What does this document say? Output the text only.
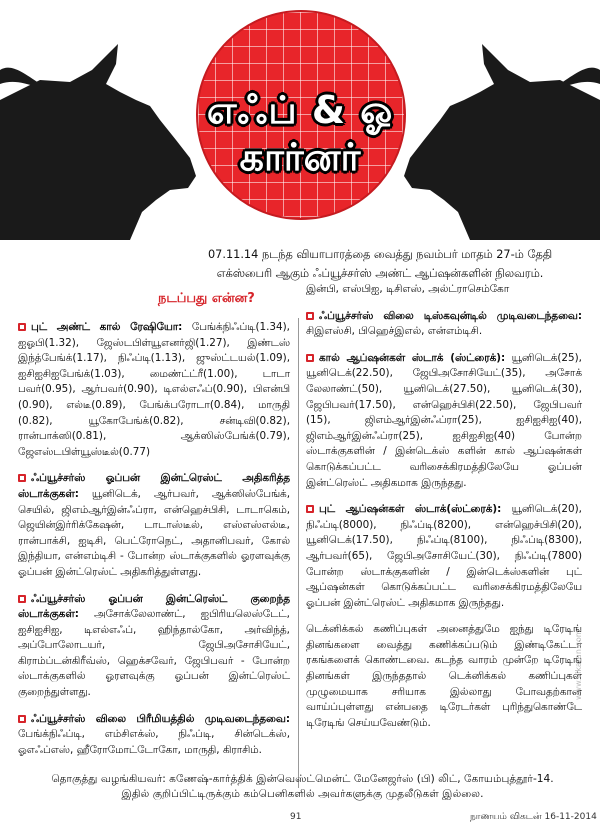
எஃப் & ஓ
கார்னர்
07.11.14 நடந்த வியாபாரத்தை வைத்து நவம்பர் மாதம் 27-ம் தேதி எக்ஸ்பைரி ஆகும் ஃப்யூச்சர்ஸ் அண்ட் ஆப்ஷன்களின் நிலவரம்.
நடப்பது என்ன?
புட் அண்ட் கால் ரேஷியோ: பேங்க்நிஃப்டி(1.34), ஐஓபி(1.32), ஜேஸ்டபிள்யூஎனர்ஜி(1.27), இண்டஸ் இந்த்பேங்க்(1.17), நிஃப்டி(1.13), ஜுஸ்ட்டயல்(1.09), ஐசிஐசிஐபேங்க்(1.03), மைண்ட்ட்ரீ(1.00), டாடா பவர்(0.95), ஆர்பவர்(0.90), டிஎல்எஃப்(0.90), பிஎன்பி (0.90), எல்டீ(0.89), பேங்க்பரோடா(0.84), மாருதி (0.82), யூகோபேங்க்(0.82), சன்டிவி(0.82), ரான்பாக்ஸி(0.81), ஆக்ஸிஸ்பேங்க்(0.79), ஜேஎஸ்டபிள்யூஸ்டீல்(0.77)
ஃப்யூச்சர்ஸ் ஓப்பன் இன்ட்ரெஸ்ட் அதிகரித்த ஸ்டாக்குகள்: யூனிடெக், ஆர்பவர், ஆக்ஸிஸ்பேங்க், செயில், ஜிஎம்ஆர்இன்ஃப்ரா, என்ஹெச்பிசி, டாடாகெம், ஜெயின்இர்ரிக்கேஷன், டாடாஸ்டீல், எஸ்எஸ்எல்டீ, ரான்பாக்சி, ஐடிசி, பெட்ரோநெட், அதானிபவர், கோல் இந்தியா, என்எம்டிசி - போன்ற ஸ்டாக்குகளில் ஓரளவுக்கு ஓப்பன் இன்ட்ரெஸ்ட் அதிகரித்துள்ளது.
ஃப்யூச்சர்ஸ் ஓப்பன் இன்ட்ரெஸ்ட் குறைந்த ஸ்டாக்குகள்: அசோக்லேலாண்ட், ஐபிரியலெஸ்டேட், ஐசிஐசிஐ, டிஎல்எஃப், ஹிந்தால்கோ, அர்விந்த், அப்போலோடயர், ஜேபிஅசோசியேட், கிராம்ப்டன்கிரீவ்ஸ், ஹெக்சவேர், ஜேபிபவர் - போன்ற ஸ்டாக்குகளில் ஓரளவுக்கு ஓப்பன் இன்ட்ரெஸ்ட் குறைந்துள்ளது.
ஃப்யூச்சர்ஸ் விலை பிரீமியத்தில் முடிவடைந்தவை: பேங்க்நிஃப்டி, எம்சிஎக்ஸ், நிஃப்டி, சின்டெக்ஸ், ஓஎஃப்எஸ், ஹீரோமோட்டோகோ, மாருதி, கிராசிம்.
இன்பி, எஸ்பிஐ, டிசிஎஸ், அல்ட்ராசெம்கோ
ஃப்யூச்சர்ஸ் விலை டிஸ்கவுன்டில் முடிவடைந்தவை: சிஇஎஸ்சி, பிஹெச்இஎல், என்எம்டிசி.
கால் ஆப்ஷன்கள் ஸ்டாக் (ஸ்ட்ரைக்): யூனிடெக்(25), யூனிடெக்(22.50), ஜேபிஅசோசியேட்(35), அசோக் லேலாண்ட்(50), யூனிடெக்(27.50), யூனிடெக்(30), ஜேபிபவர்(17.50), என்ஹெச்பிசி(22.50), ஜேபிபவர் (15), ஜிஎம்ஆர்இன்ஃப்ரா(25), ஐசிஐசிஐ(40), ஜிஎம்ஆர்இன்ஃப்ரா(25), ஐசிஐசிஐ(40) போன்ற ஸ்டாக்குகளின் / இன்டெக்ஸ் களின் கால் ஆப்ஷன்கள் கொடுக்கப்பட்ட வரிசைக்கிரமத்திலேயே ஓப்பன் இன்ட்ரெஸ்ட் அதிகமாக இருந்தது.
புட் ஆப்ஷன்கள் ஸ்டாக்(ஸ்ட்ரைக்): யூனிடெக்(20), நிஃப்டி(8000), நிஃப்டி(8200), என்ஹெச்பிசி(20), யூனிடெக்(17.50), நிஃப்டி(8100), நிஃப்டி(8300), ஆர்பவர்(65), ஜேபிஅசோசியேட்(30), நிஃப்டி(7800) போன்ற ஸ்டாக்குகளின் / இன்டெக்ஸ்களின் புட் ஆப்ஷன்கள் கொடுக்கப்பட்ட வரிசைக்கிரமத்திலேயே ஓப்பன் இன்ட்ரெஸ்ட் அதிகமாக இருந்தது.
டெக்னிக்கல் கணிப்புகள் அனைத்துமே ஐந்து டிரேடிங் தினங்களை வைத்து கணிக்கப்படும் இண்டிகேட்டர் ரகங்களைக் கொண்டவை. கடந்த வாரம் முன்றே டிரேடிங் தினங்கள் இருந்ததால் டெக்னிக்கல் கணிப்புகள் முழுமையாக சரியாக இல்லாது போவதற்கான வாய்ப்புள்ளது என்பதை டிரேடர்கள் புரிந்துகொண்டே டிரேடிங் செய்யவேண்டும்.
தொகுத்து வழங்கியவர்: கணேஷ்-கார்த்திக் இன்வெஸ்ட்மென்ட் மேனேஜர்ஸ் (பி) லிட், கோயம்புத்தூர்-14.
இதில் குறிப்பிட்டிருக்கும் கம்பெனிகளில் அவர்களுக்கு முதலீடுகள் இல்லை.
91	நாணயம் விகடன் 16-11-2014
www.vikatan.com
